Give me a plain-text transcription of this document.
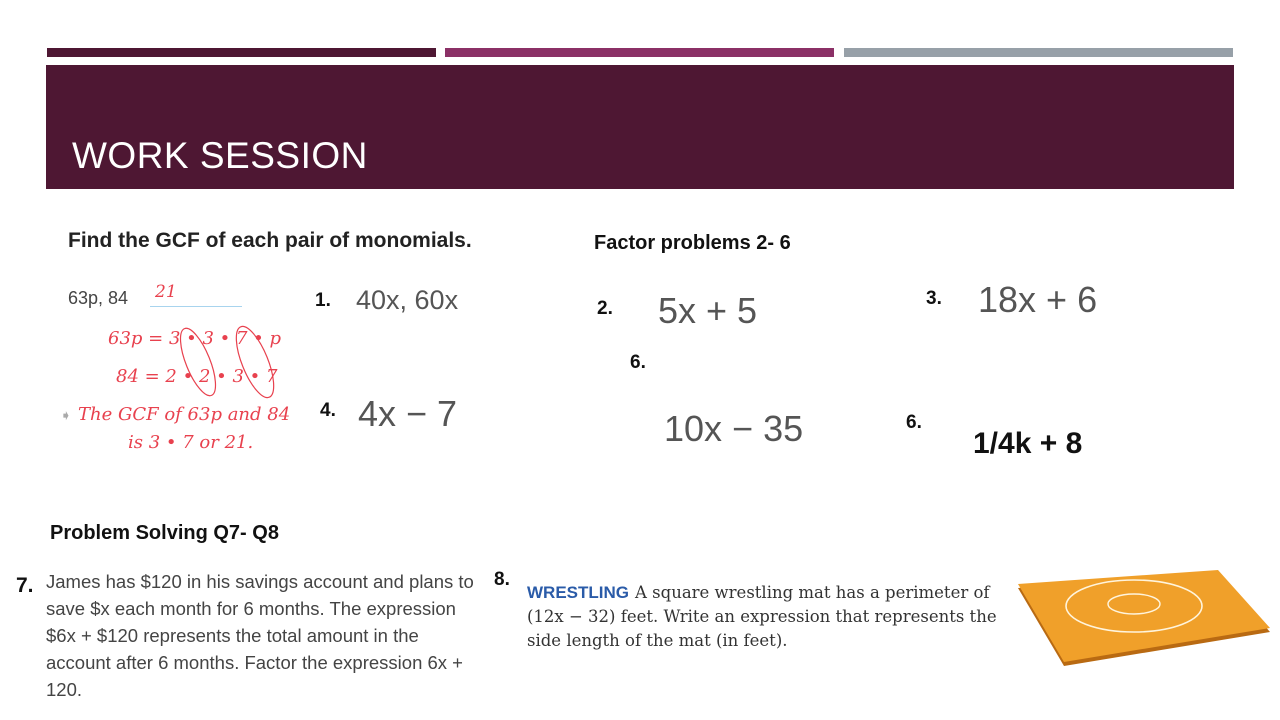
WORK SESSION
Find the GCF of each pair of monomials.
63p, 84 21
63p = 3 • 3 • 7 • p
84 = 2 • 2 • 3 • 7
➧ The GCF of 63p and 84
is 3 • 7 or 21.
1. 40x, 60x
4. 4x − 7
Factor problems 2- 6
2. 5x + 5	3. 18x + 6
6.
10x − 35	6.
1/4k + 8
Problem Solving Q7- Q8
7. James has $120 in his savings account and plans to save $x each month for 6 months. The expression $6x + $120 represents the total amount in the account after 6 months. Factor the expression 6x + 120.
8.
WRESTLING A square wrestling mat has a perimeter of (12x − 32) feet. Write an expression that represents the side length of the mat (in feet).
